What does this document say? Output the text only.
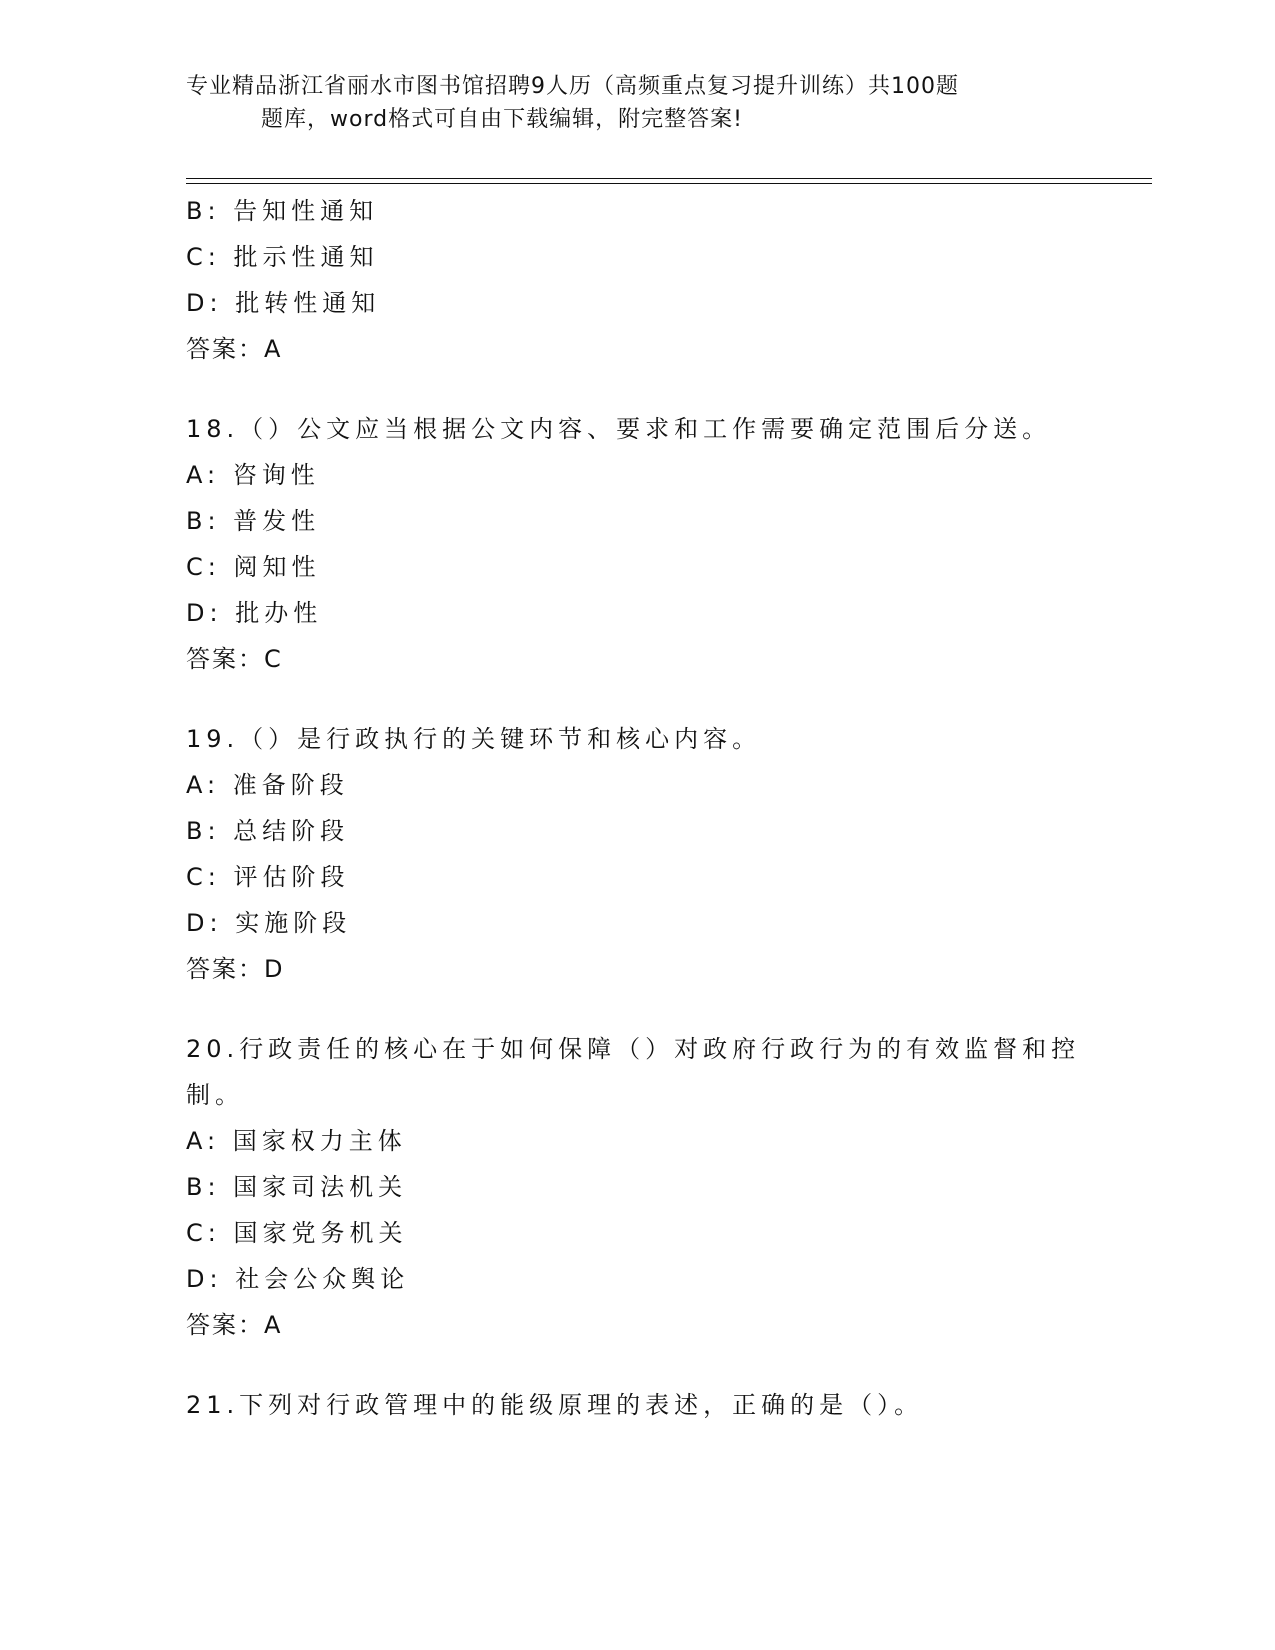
专业精品浙江省丽水市图书馆招聘9人历（高频重点复习提升训练）共100题
题库，word格式可自由下载编辑，附完整答案!
B: 告知性通知
C: 批示性通知
D: 批转性通知
答案：A
18.（）公文应当根据公文内容、要求和工作需要确定范围后分送。
A: 咨询性
B: 普发性
C: 阅知性
D: 批办性
答案：C
19.（）是行政执行的关键环节和核心内容。
A: 准备阶段
B: 总结阶段
C: 评估阶段
D: 实施阶段
答案：D
20.行政责任的核心在于如何保障（）对政府行政行为的有效监督和控制。
A: 国家权力主体
B: 国家司法机关
C: 国家党务机关
D: 社会公众舆论
答案：A
21.下列对行政管理中的能级原理的表述，正确的是（）。
